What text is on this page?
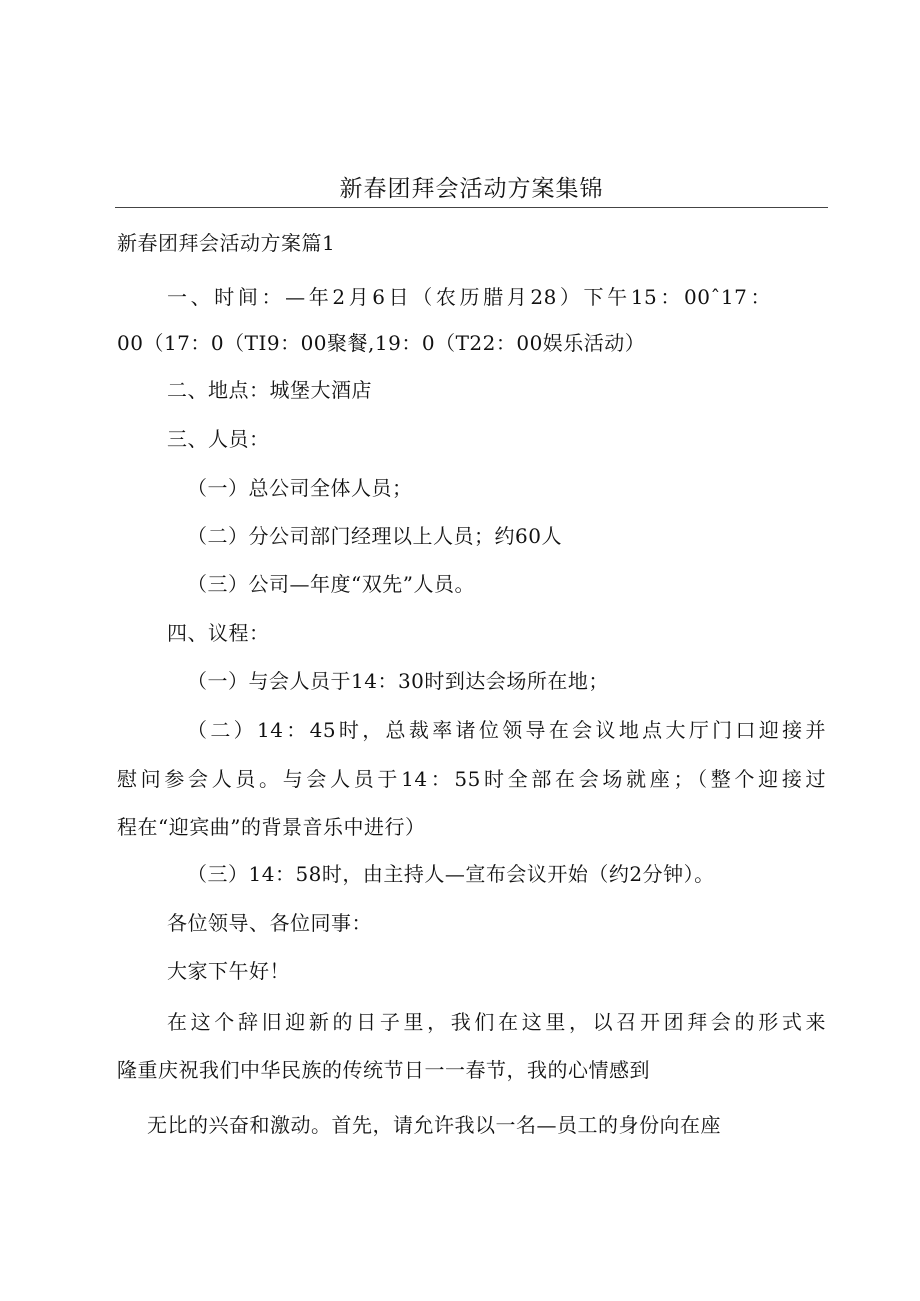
新春团拜会活动方案集锦
新春团拜会活动方案篇1
一、时间：—年2月6日（农历腊月28）下午15：00ˆ17：
00（17：0（TI9：00聚餐,19：0（T22：00娱乐活动）
二、地点：城堡大酒店
三、人员：
（一）总公司全体人员；
（二）分公司部门经理以上人员；约60人
（三）公司—年度“双先”人员。
四、议程：
（一）与会人员于14：30时到达会场所在地；
（二）14：45时，总裁率诸位领导在会议地点大厅门口迎接并
慰问参会人员。与会人员于14：55时全部在会场就座；（整个迎接过
程在“迎宾曲”的背景音乐中进行）
（三）14：58时，由主持人—宣布会议开始（约2分钟）。
各位领导、各位同事：
大家下午好！
在这个辞旧迎新的日子里，我们在这里，以召开团拜会的形式来
隆重庆祝我们中华民族的传统节日一一春节，我的心情感到
无比的兴奋和激动。首先，请允许我以一名—员工的身份向在座
